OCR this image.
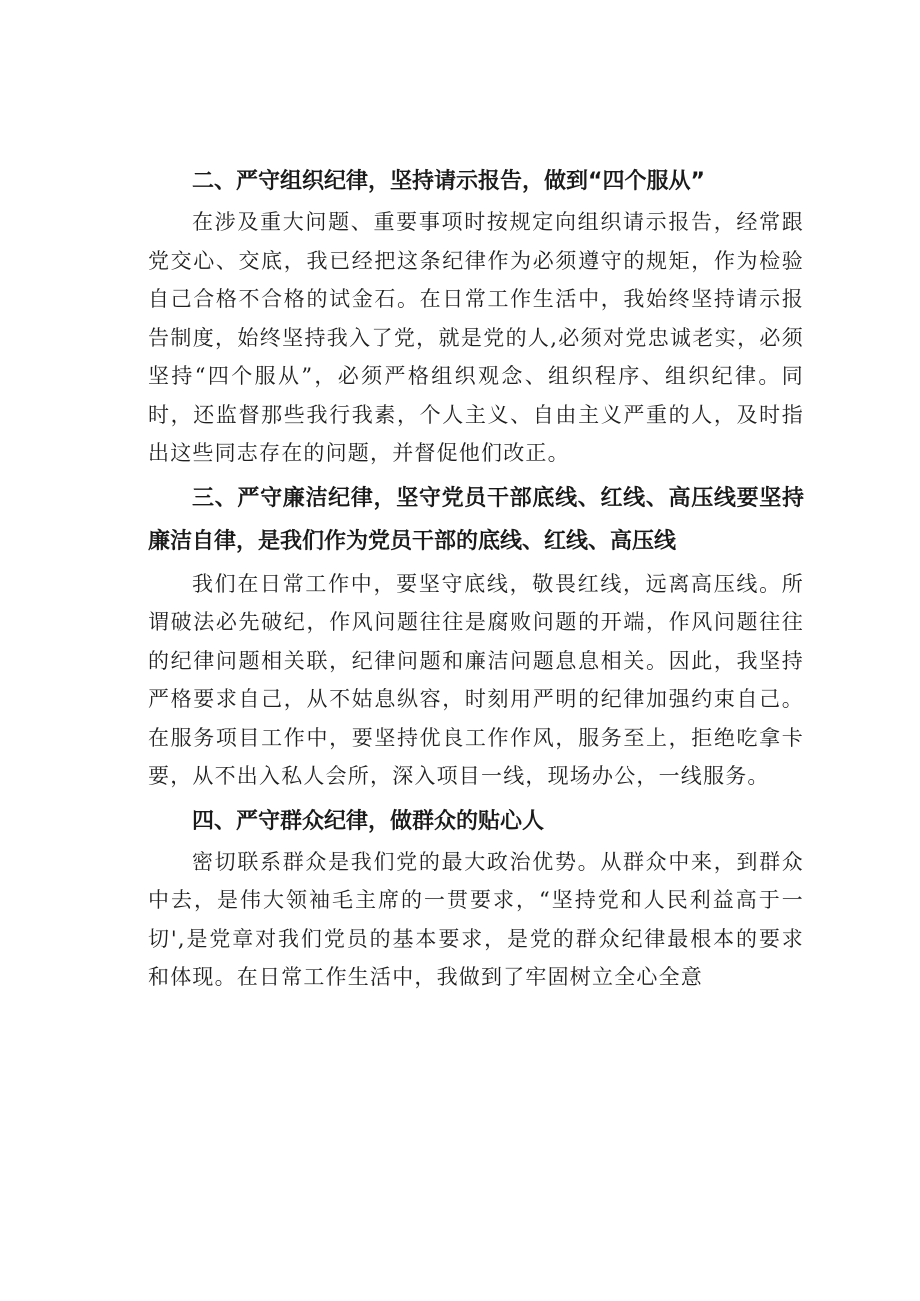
二、严守组织纪律，坚持请示报告，做到“四个服从”

在涉及重大问题、重要事项时按规定向组织请示报告，经常跟党交心、交底，我已经把这条纪律作为必须遵守的规矩，作为检验自己合格不合格的试金石。在日常工作生活中，我始终坚持请示报告制度，始终坚持我入了党，就是党的人,必须对党忠诚老实，必须坚持“四个服从”，必须严格组织观念、组织程序、组织纪律。同时，还监督那些我行我素，个人主义、自由主义严重的人，及时指出这些同志存在的问题，并督促他们改正。

三、严守廉洁纪律，坚守党员干部底线、红线、高压线要坚持廉洁自律，是我们作为党员干部的底线、红线、高压线

我们在日常工作中，要坚守底线，敬畏红线，远离高压线。所谓破法必先破纪，作风问题往往是腐败问题的开端，作风问题往往的纪律问题相关联，纪律问题和廉洁问题息息相关。因此，我坚持严格要求自己，从不姑息纵容，时刻用严明的纪律加强约束自己。在服务项目工作中，要坚持优良工作作风，服务至上，拒绝吃拿卡要，从不出入私人会所，深入项目一线，现场办公，一线服务。

四、严守群众纪律，做群众的贴心人

密切联系群众是我们党的最大政治优势。从群众中来，到群众中去，是伟大领袖毛主席的一贯要求，“坚持党和人民利益高于一切',是党章对我们党员的基本要求，是党的群众纪律最根本的要求和体现。在日常工作生活中，我做到了牢固树立全心全意
